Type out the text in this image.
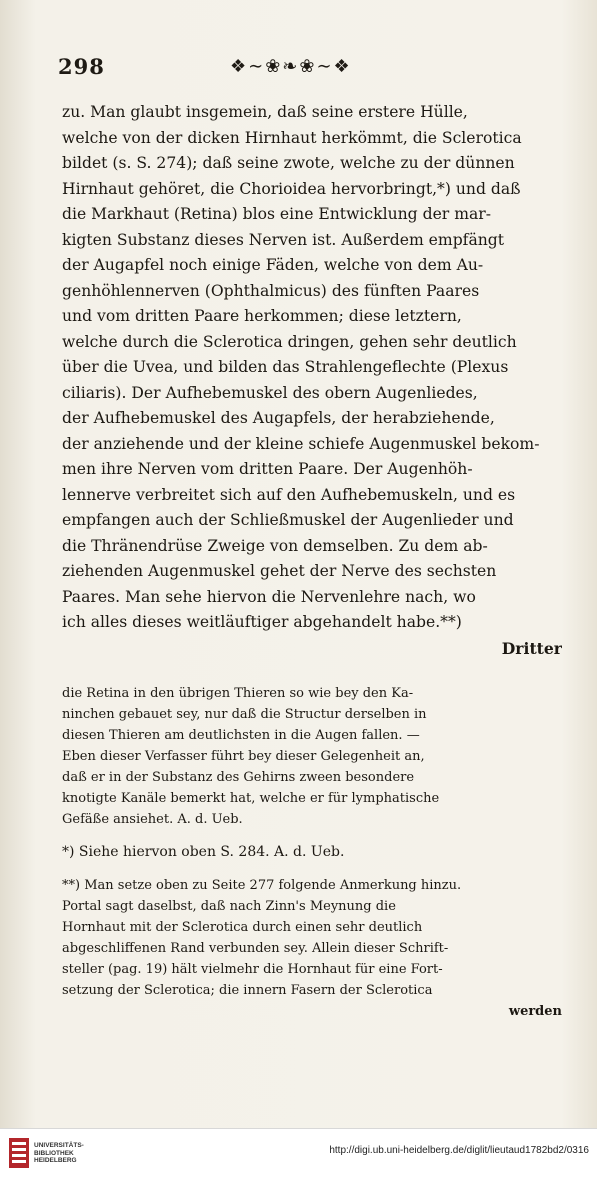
298	❖∼❀❧❀∼❖
zu. Man glaubt insgemein, daß seine erstere Hülle,
welche von der dicken Hirnhaut herkömmt, die Sclerotica
bildet (s. S. 274); daß seine zwote, welche zu der dünnen
Hirnhaut gehöret, die Chorioidea hervorbringt,*) und daß
die Markhaut (Retina) blos eine Entwicklung der mar-
kigten Substanz dieses Nerven ist. Außerdem empfängt
der Augapfel noch einige Fäden, welche von dem Au-
genhöhlennerven (Ophthalmicus) des fünften Paares
und vom dritten Paare herkommen; diese letztern,
welche durch die Sclerotica dringen, gehen sehr deutlich
über die Uvea, und bilden das Strahlengeflechte (Plexus
ciliaris). Der Aufhebemuskel des obern Augenliedes,
der Aufhebemuskel des Augapfels, der herabziehende,
der anziehende und der kleine schiefe Augenmuskel bekom-
men ihre Nerven vom dritten Paare. Der Augenhöh-
lennerve verbreitet sich auf den Aufhebemuskeln, und es
empfangen auch der Schließmuskel der Augenlieder und
die Thränendrüse Zweige von demselben. Zu dem ab-
ziehenden Augenmuskel gehet der Nerve des sechsten
Paares. Man sehe hiervon die Nervenlehre nach, wo
ich alles dieses weitläuftiger abgehandelt habe.**)
Dritter
die Retina in den übrigen Thieren so wie bey den Ka-
ninchen gebauet sey, nur daß die Structur derselben in
diesen Thieren am deutlichsten in die Augen fallen. —
Eben dieser Verfasser führt bey dieser Gelegenheit an,
daß er in der Substanz des Gehirns zween besondere
knotigte Kanäle bemerkt hat, welche er für lymphatische
Gefäße ansiehet. A. d. Ueb.
*) Siehe hiervon oben S. 284. A. d. Ueb.
**) Man setze oben zu Seite 277 folgende Anmerkung hinzu.
Portal sagt daselbst, daß nach Zinn's Meynung die
Hornhaut mit der Sclerotica durch einen sehr deutlich
abgeschliffenen Rand verbunden sey. Allein dieser Schrift-
steller (pag. 19) hält vielmehr die Hornhaut für eine Fort-
setzung der Sclerotica; die innern Fasern der Sclerotica
werden
UNIVERSITÄTS-
BIBLIOTHEK
HEIDELBERG
http://digi.ub.uni-heidelberg.de/diglit/lieutaud1782bd2/0316
